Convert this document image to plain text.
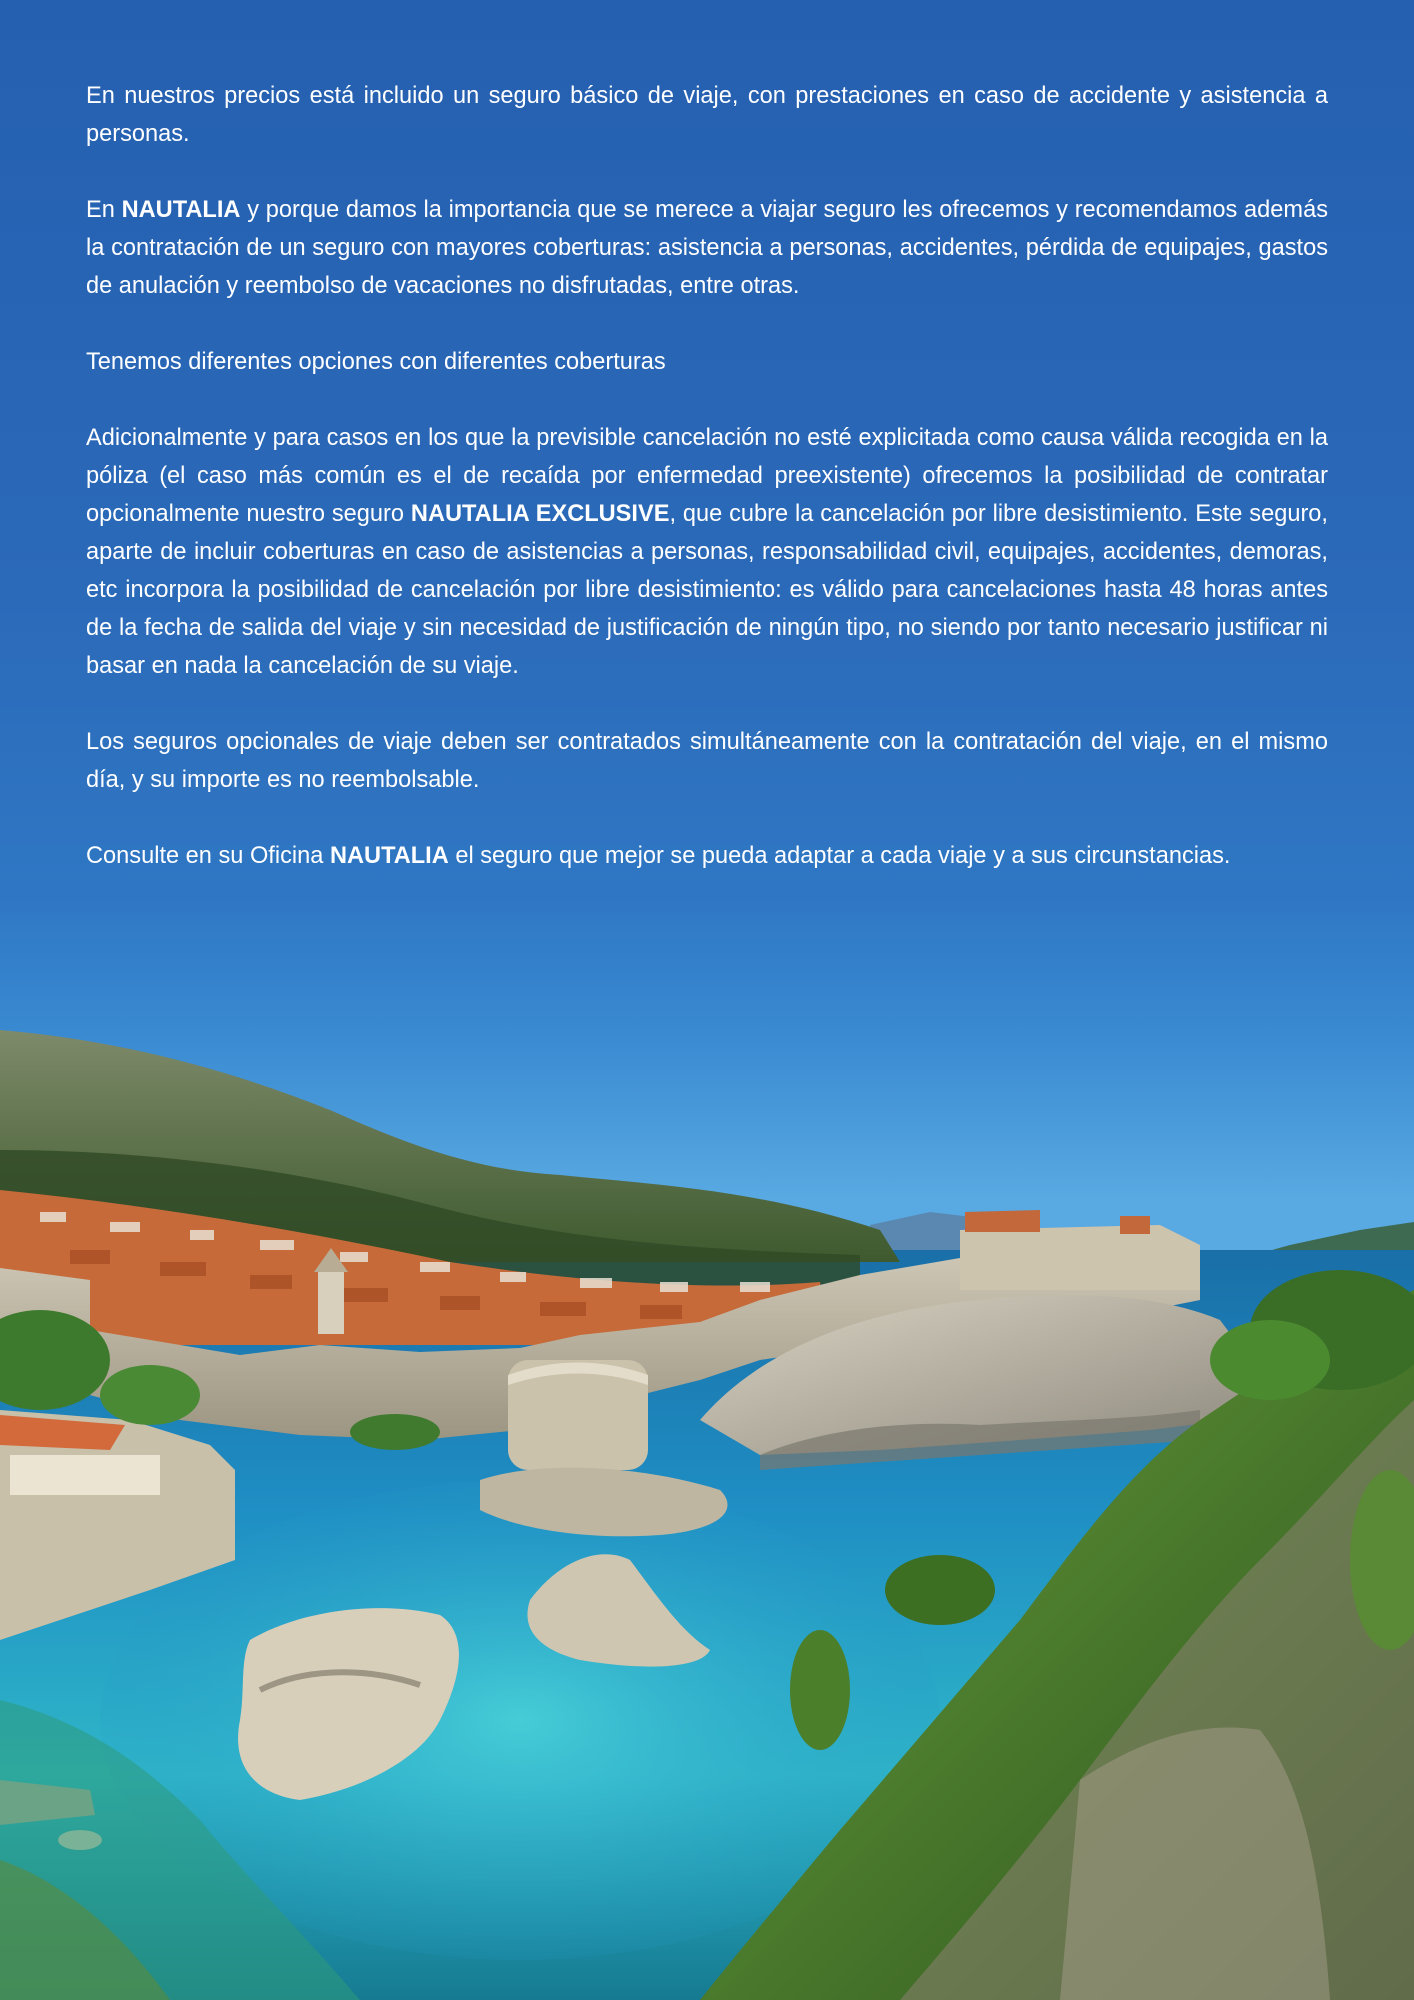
En nuestros precios está incluido un seguro básico de viaje, con prestaciones en caso de accidente y asistencia a personas.

En NAUTALIA y porque damos la importancia que se merece a viajar seguro les ofrecemos y recomendamos además la contratación de un seguro con mayores coberturas: asistencia a personas, accidentes, pérdida de equipajes, gastos de anulación y reembolso de vacaciones no disfrutadas, entre otras.

Tenemos diferentes opciones con diferentes coberturas

Adicionalmente y para casos en los que la previsible cancelación no esté explicitada como causa válida recogida en la póliza (el caso más común es el de recaída por enfermedad preexistente) ofrecemos la posibilidad de contratar opcionalmente nuestro seguro NAUTALIA EXCLUSIVE, que cubre la cancelación por libre desistimiento. Este seguro, aparte de incluir coberturas en caso de asistencias a personas, responsabilidad civil, equipajes, accidentes, demoras, etc incorpora la posibilidad de cancelación por libre desistimiento: es válido para cancelaciones hasta 48 horas antes de la fecha de salida del viaje y sin necesidad de justificación de ningún tipo, no siendo por tanto necesario justificar ni basar en nada la cancelación de su viaje.

Los seguros opcionales de viaje deben ser contratados simultáneamente con la contratación del viaje, en el mismo día, y su importe es no reembolsable.

Consulte en su Oficina NAUTALIA el seguro que mejor se pueda adaptar a cada viaje y a sus circunstancias.
